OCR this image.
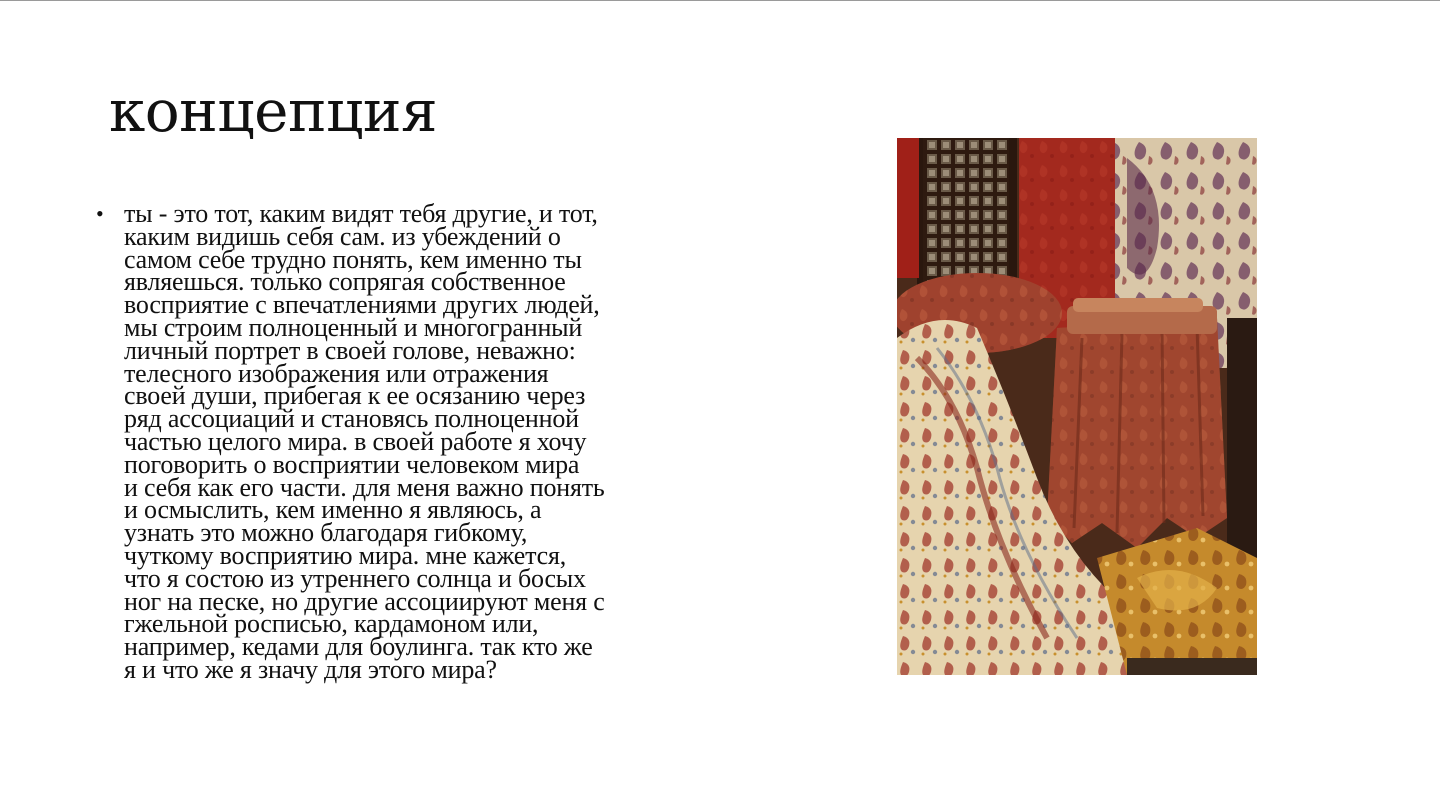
концепция
• ты - это тот, каким видят тебя другие, и тот,
каким видишь себя сам. из убеждений о
самом себе трудно понять, кем именно ты
являешься. только сопрягая собственное
восприятие с впечатлениями других людей,
мы строим полноценный и многогранный
личный портрет в своей голове, неважно:
телесного изображения или отражения
своей души, прибегая к ее осязанию через
ряд ассоциаций и становясь полноценной
частью целого мира. в своей работе я хочу
поговорить о восприятии человеком мира
и себя как его части. для меня важно понять
и осмыслить, кем именно я являюсь, а
узнать это можно благодаря гибкому,
чуткому восприятию мира. мне кажется,
что я состою из утреннего солнца и босых
ног на песке, но другие ассоциируют меня с
гжельной росписью, кардамоном или,
например, кедами для боулинга. так кто же
я и что же я значу для этого мира?
